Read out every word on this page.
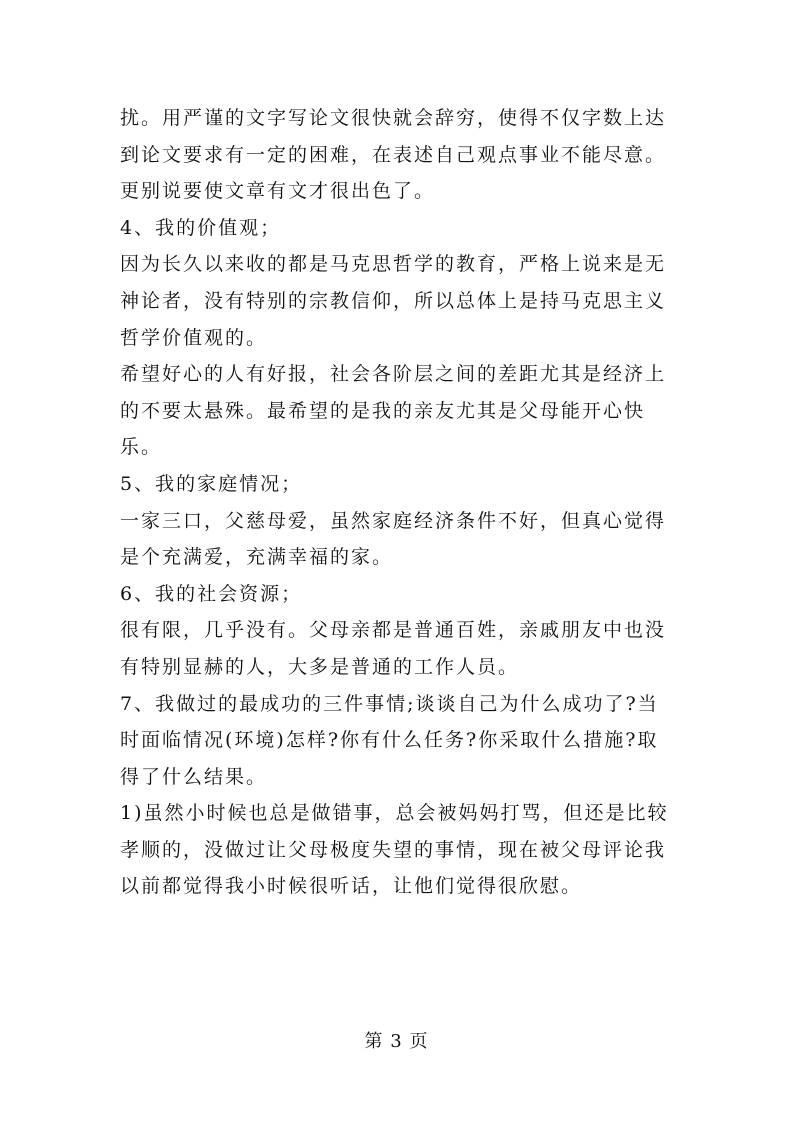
扰。用严谨的文字写论文很快就会辞穷，使得不仅字数上达
到论文要求有一定的困难，在表述自己观点事业不能尽意。
更别说要使文章有文才很出色了。
4、我的价值观；
因为长久以来收的都是马克思哲学的教育，严格上说来是无
神论者，没有特别的宗教信仰，所以总体上是持马克思主义
哲学价值观的。
希望好心的人有好报，社会各阶层之间的差距尤其是经济上
的不要太悬殊。最希望的是我的亲友尤其是父母能开心快
乐。
5、我的家庭情况；
一家三口，父慈母爱，虽然家庭经济条件不好，但真心觉得
是个充满爱，充满幸福的家。
6、我的社会资源；
很有限，几乎没有。父母亲都是普通百姓，亲戚朋友中也没
有特别显赫的人，大多是普通的工作人员。
7、我做过的最成功的三件事情;谈谈自己为什么成功了?当
时面临情况(环境)怎样?你有什么任务?你采取什么措施?取
得了什么结果。
1)虽然小时候也总是做错事，总会被妈妈打骂，但还是比较
孝顺的，没做过让父母极度失望的事情，现在被父母评论我
以前都觉得我小时候很听话，让他们觉得很欣慰。
第 3 页
